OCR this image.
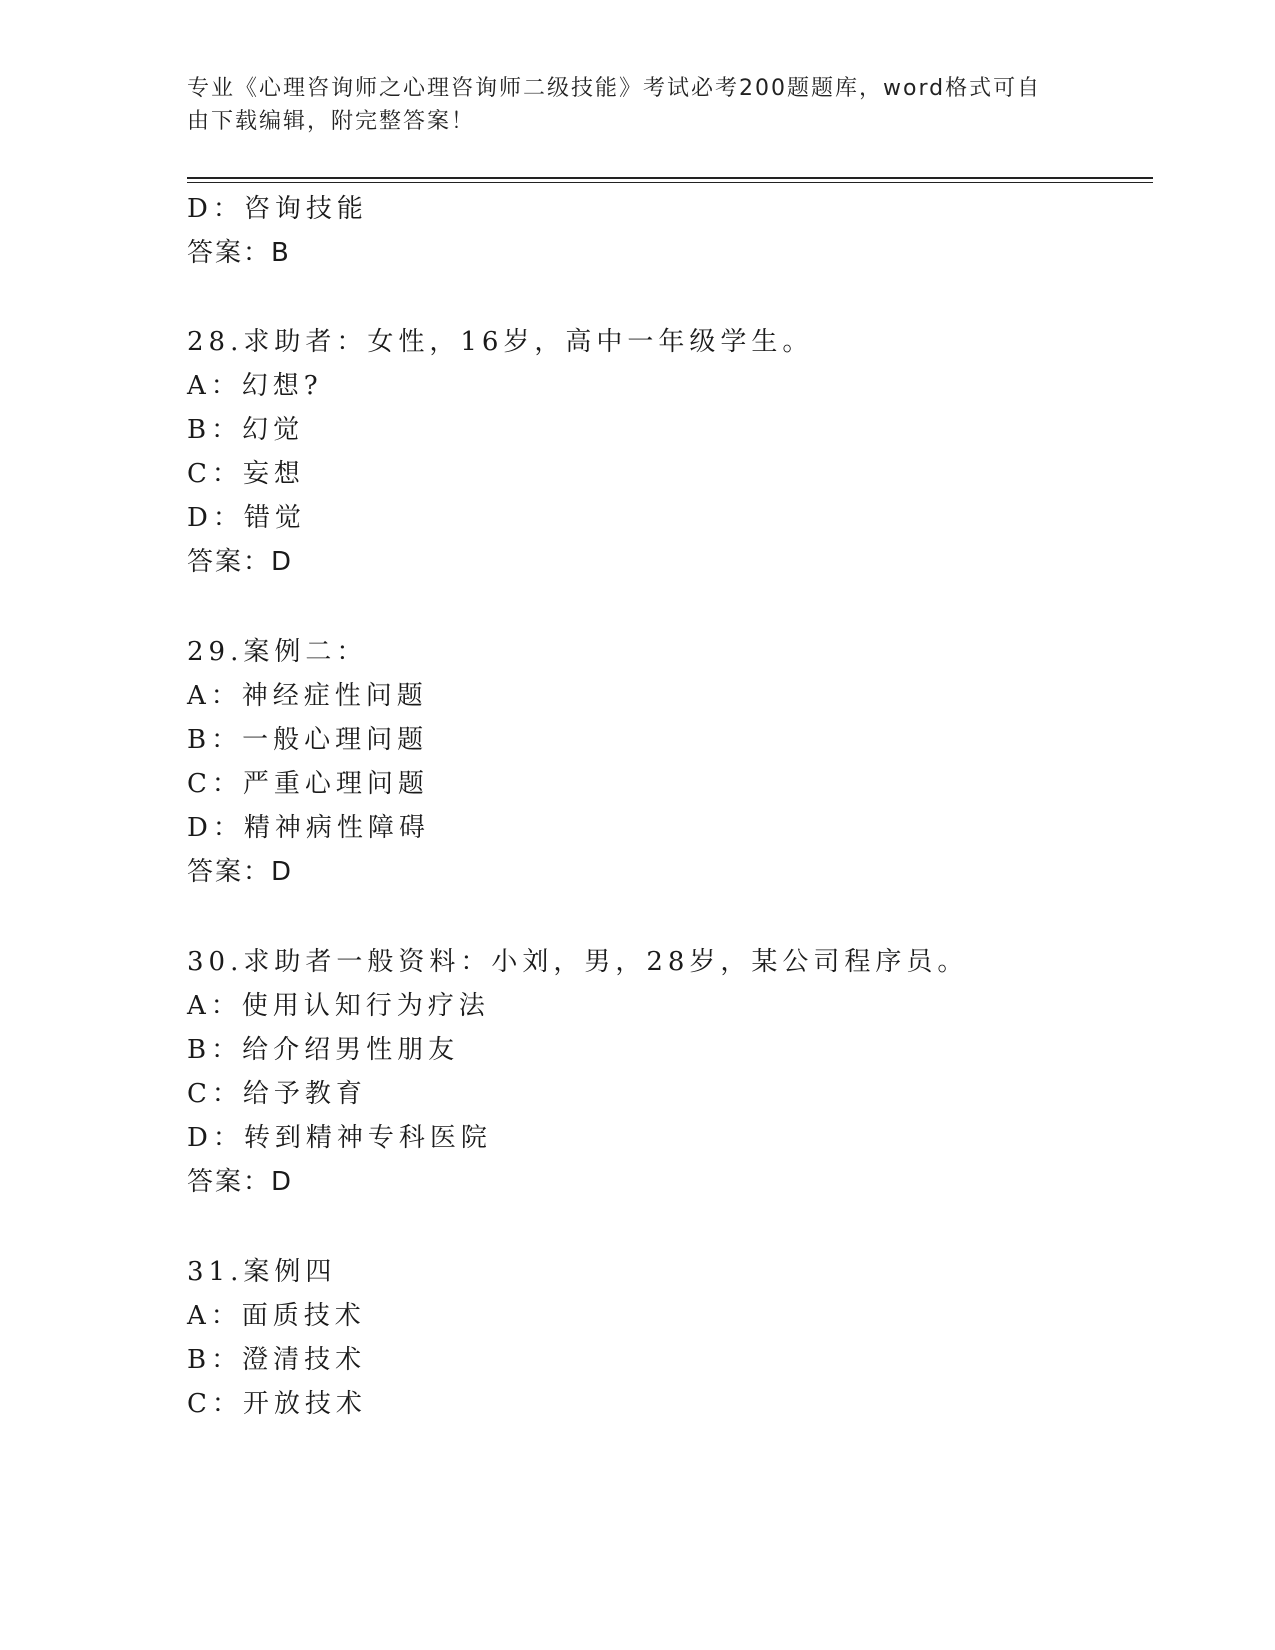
专业《心理咨询师之心理咨询师二级技能》考试必考200题题库，word格式可自
由下载编辑，附完整答案！
D：咨询技能
答案：B
28.求助者：女性，16岁，高中一年级学生。
A：幻想?
B：幻觉
C：妄想
D：错觉
答案：D
29.案例二：
A：神经症性问题
B：一般心理问题
C：严重心理问题
D：精神病性障碍
答案：D
30.求助者一般资料：小刘，男，28岁，某公司程序员。
A：使用认知行为疗法
B：给介绍男性朋友
C：给予教育
D：转到精神专科医院
答案：D
31.案例四
A：面质技术
B：澄清技术
C：开放技术
